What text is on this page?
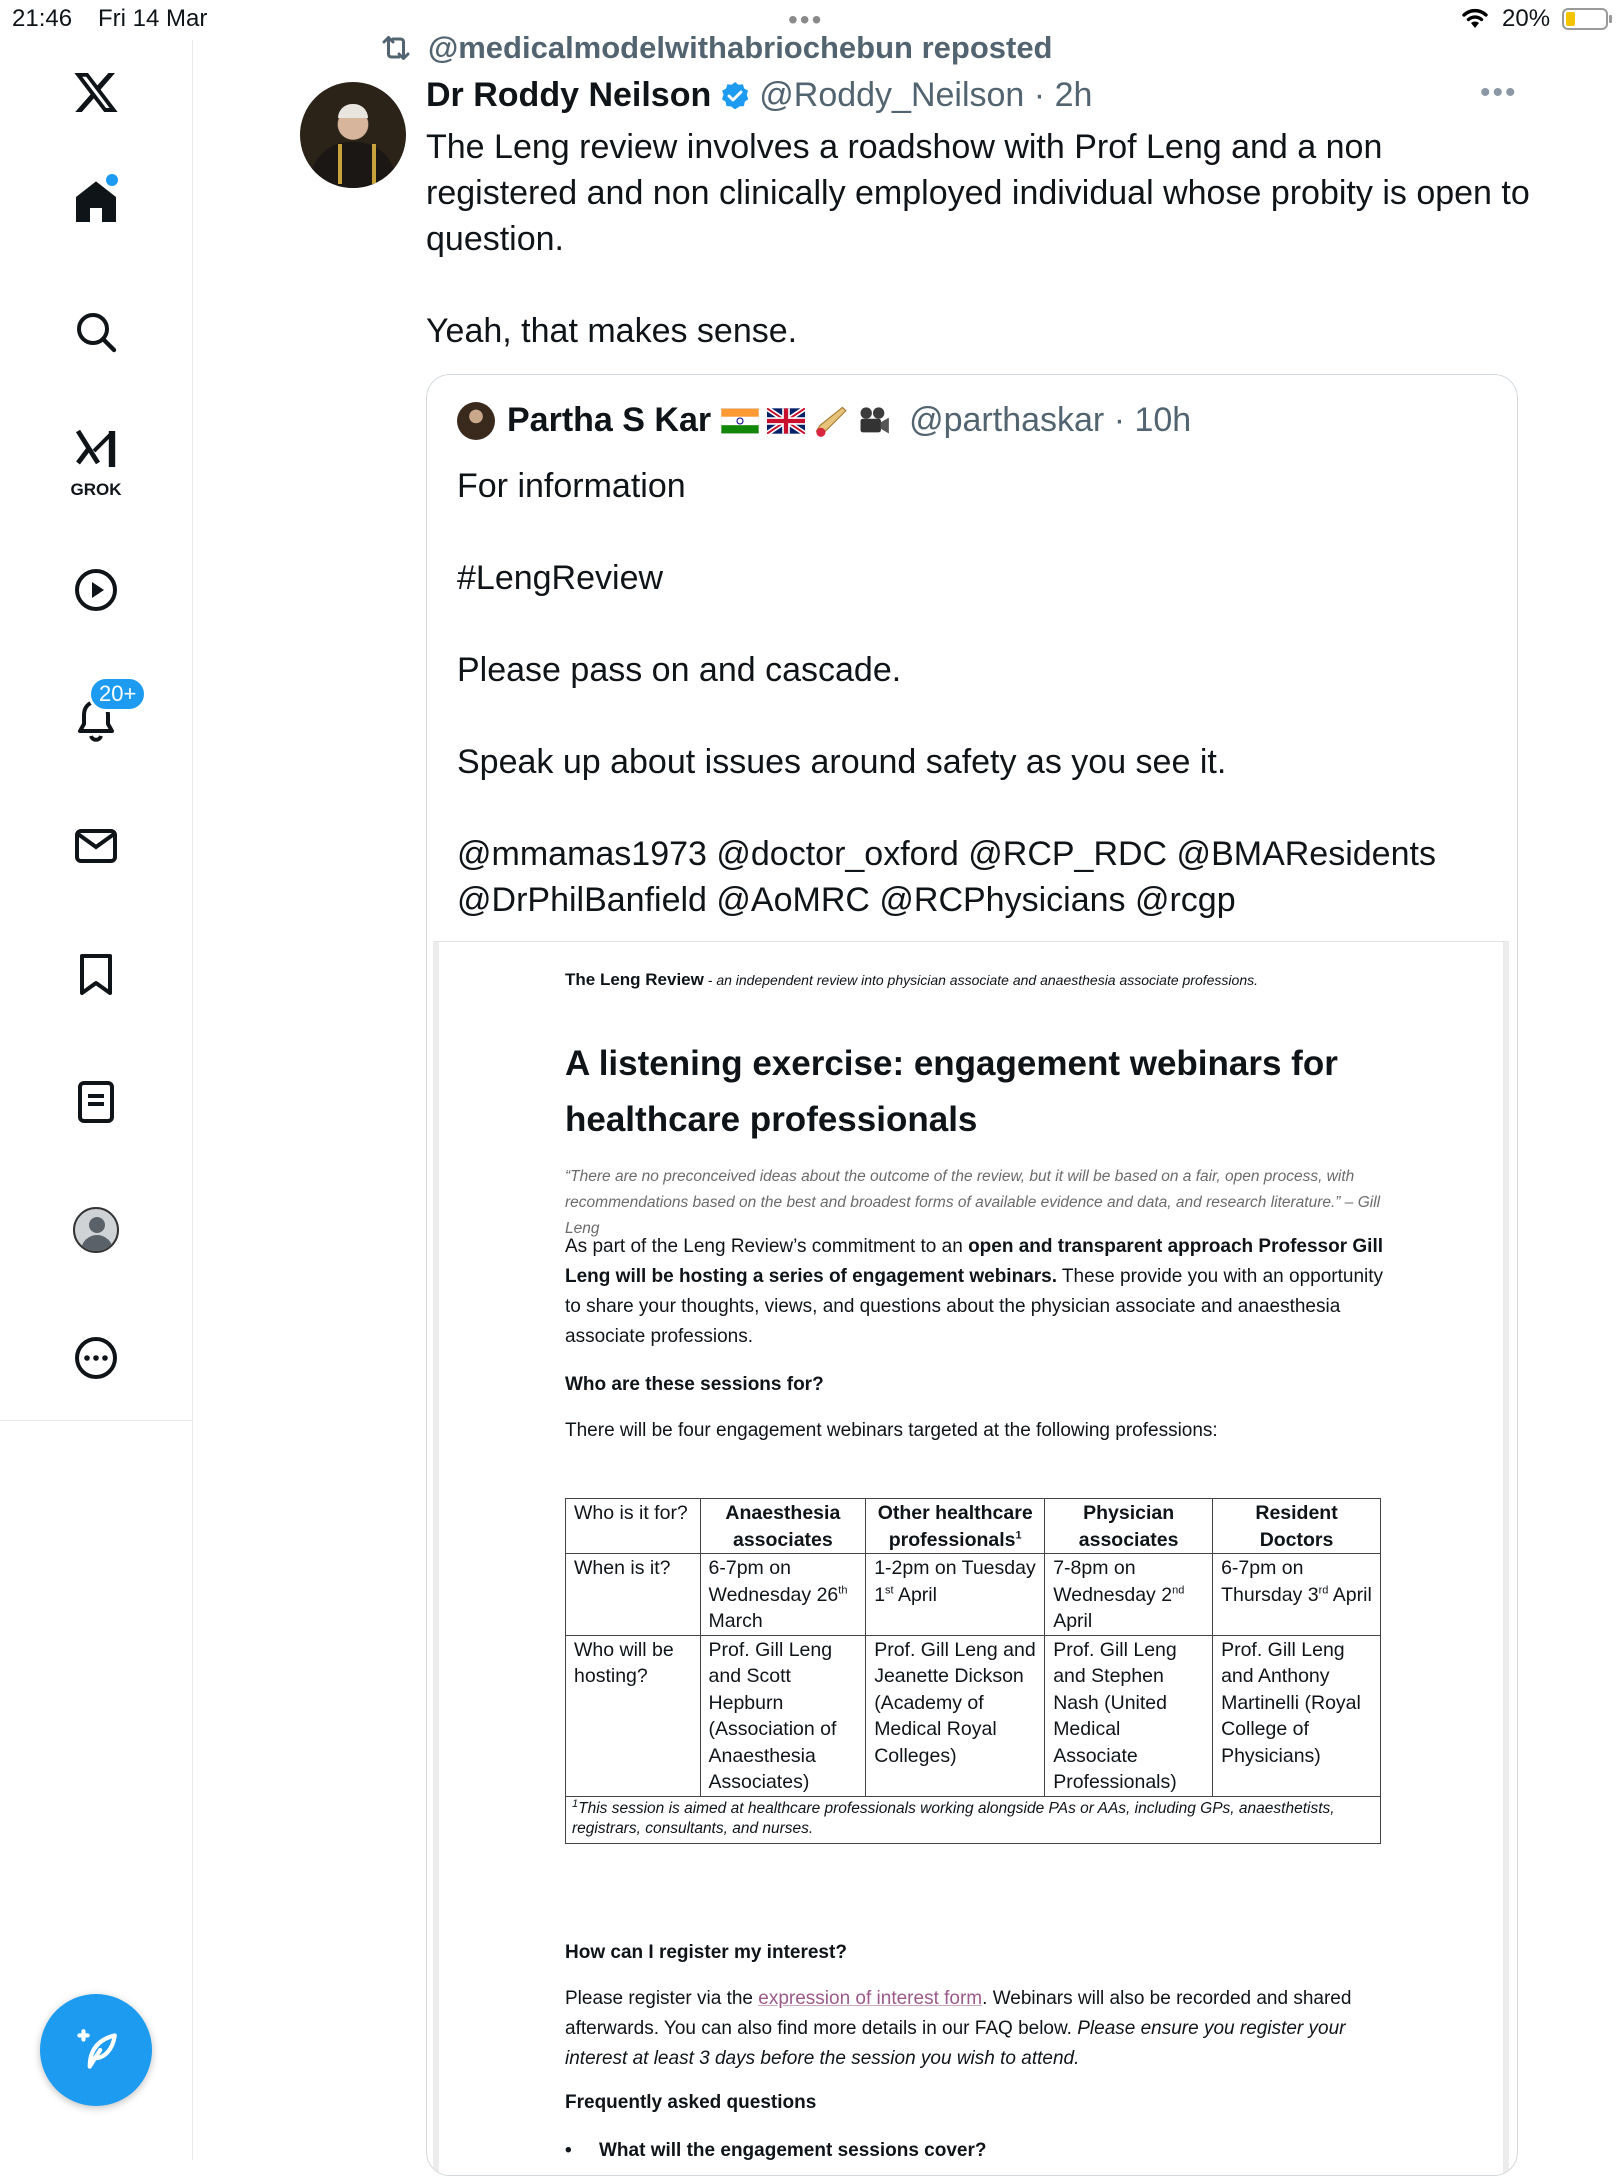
21:46 Fri 14 Mar	•••	20%
GROK
20+
@medicalmodelwithabriochebun reposted
Dr Roddy Neilson @Roddy_Neilson · 2h	•••

The Leng review involves a roadshow with Prof Leng and a non registered and non clinically employed individual whose probity is open to question.

Yeah, that makes sense.

Partha S Kar	@parthaskar · 10h

For information

#LengReview

Please pass on and cascade.

Speak up about issues around safety as you see it.

@mmamas1973 @doctor_oxford @RCP_RDC @BMAResidents @DrPhilBanfield @AoMRC @RCPhysicians @rcgp

The Leng Review - an independent review into physician associate and anaesthesia associate professions.
A listening exercise: engagement webinars for healthcare professionals
“There are no preconceived ideas about the outcome of the review, but it will be based on a fair, open process, with recommendations based on the best and broadest forms of available evidence and data, and research literature.” – Gill Leng
As part of the Leng Review’s commitment to an open and transparent approach Professor Gill Leng will be hosting a series of engagement webinars. These provide you with an opportunity to share your thoughts, views, and questions about the physician associate and anaesthesia associate professions.
Who are these sessions for?
There will be four engagement webinars targeted at the following professions:
Who is it for?	Anaesthesia associates	Other healthcare professionals$^1$	Physician associates	Resident Doctors
When is it?	6-7pm on Wednesday 26th March	1-2pm on Tuesday 1st April	7-8pm on Wednesday 2nd April	6-7pm on Thursday 3rd April
Who will be hosting?	Prof. Gill Leng and Scott Hepburn (Association of Anaesthesia Associates)	Prof. Gill Leng and Jeanette Dickson (Academy of Medical Royal Colleges)	Prof. Gill Leng and Stephen Nash (United Medical Associate Professionals)	Prof. Gill Leng and Anthony Martinelli (Royal College of Physicians)
$^1$This session is aimed at healthcare professionals working alongside PAs or AAs, including GPs, anaesthetists, registrars, consultants, and nurses.				
How can I register my interest?
Please register via the expression of interest form. Webinars will also be recorded and shared afterwards. You can also find more details in our FAQ below. Please ensure you register your interest at least 3 days before the session you wish to attend.
Frequently asked questions
• What will the engagement sessions cover?
